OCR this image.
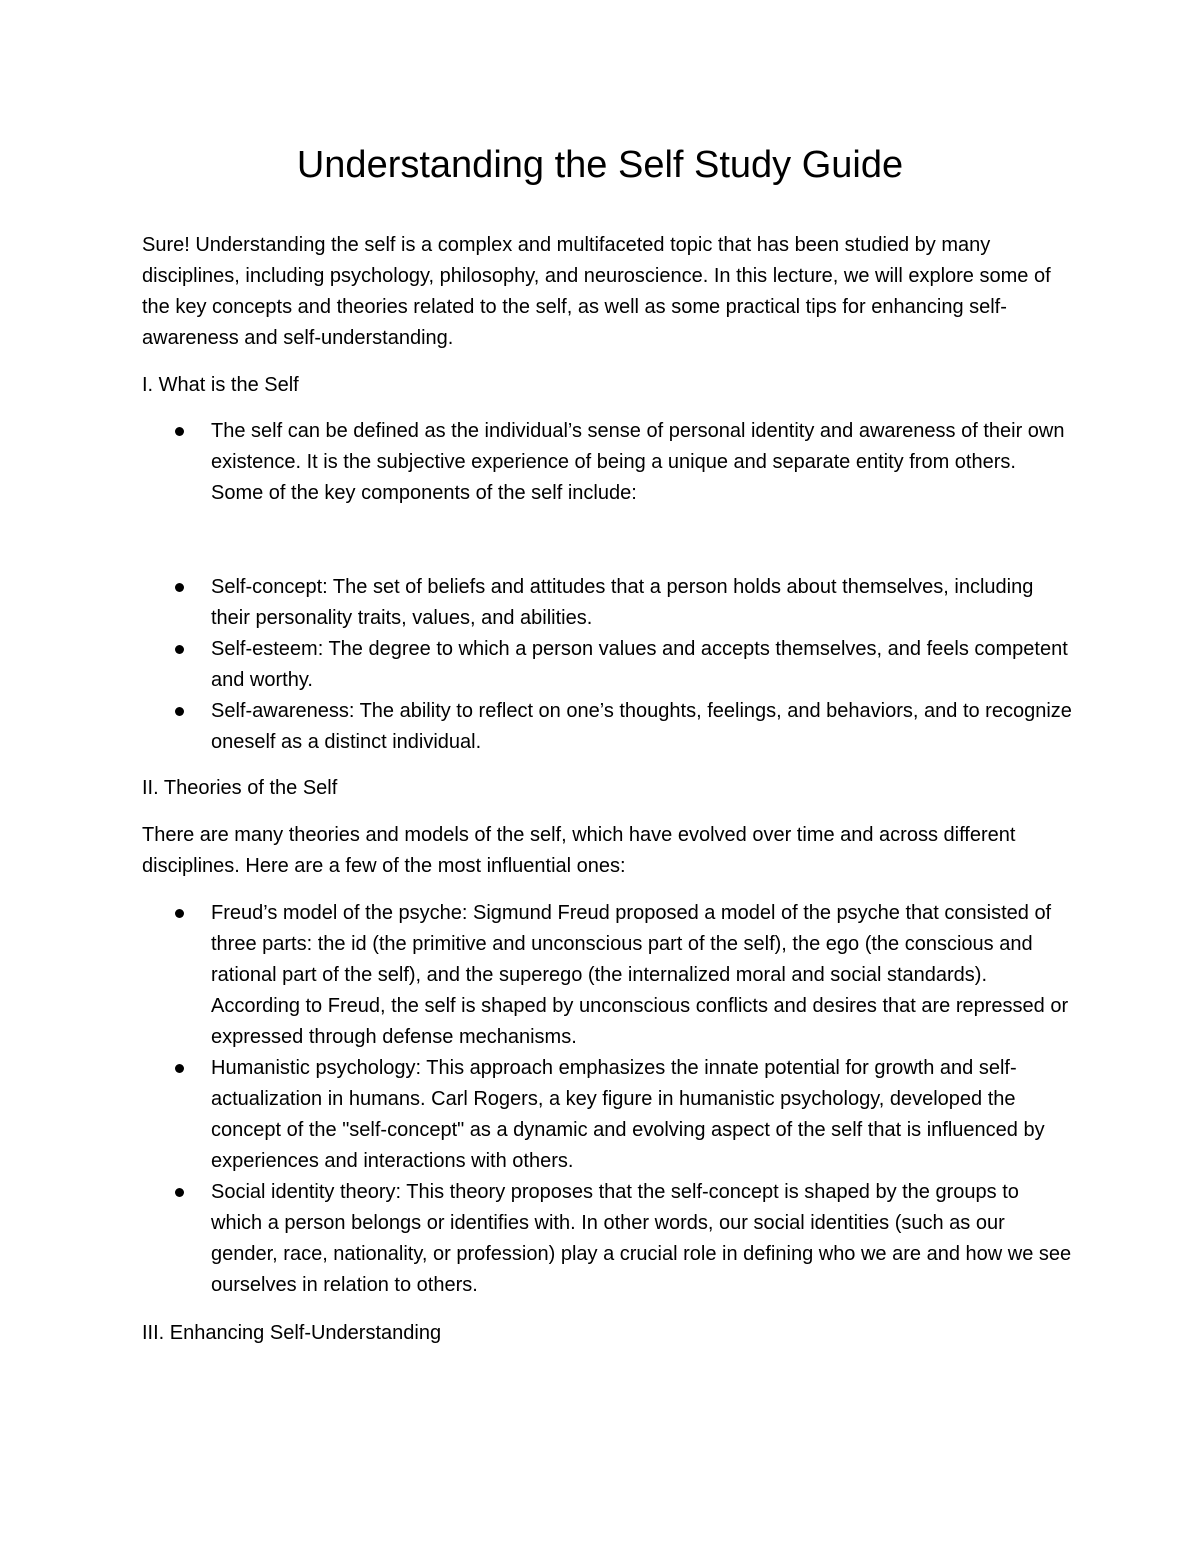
Understanding the Self Study Guide

Sure! Understanding the self is a complex and multifaceted topic that has been studied by many disciplines, including psychology, philosophy, and neuroscience. In this lecture, we will explore some of the key concepts and theories related to the self, as well as some practical tips for enhancing self-awareness and self-understanding.

I. What is the Self
The self can be defined as the individual’s sense of personal identity and awareness of their own existence. It is the subjective experience of being a unique and separate entity from others. Some of the key components of the self include:
Self-concept: The set of beliefs and attitudes that a person holds about themselves, including their personality traits, values, and abilities.
Self-esteem: The degree to which a person values and accepts themselves, and feels competent and worthy.
Self-awareness: The ability to reflect on one’s thoughts, feelings, and behaviors, and to recognize oneself as a distinct individual.
II. Theories of the Self

There are many theories and models of the self, which have evolved over time and across different disciplines. Here are a few of the most influential ones:

Freud’s model of the psyche: Sigmund Freud proposed a model of the psyche that consisted of three parts: the id (the primitive and unconscious part of the self), the ego (the conscious and rational part of the self), and the superego (the internalized moral and social standards). According to Freud, the self is shaped by unconscious conflicts and desires that are repressed or expressed through defense mechanisms.
Humanistic psychology: This approach emphasizes the innate potential for growth and self-actualization in humans. Carl Rogers, a key figure in humanistic psychology, developed the concept of the "self-concept" as a dynamic and evolving aspect of the self that is influenced by experiences and interactions with others.
Social identity theory: This theory proposes that the self-concept is shaped by the groups to which a person belongs or identifies with. In other words, our social identities (such as our gender, race, nationality, or profession) play a crucial role in defining who we are and how we see ourselves in relation to others.
III. Enhancing Self-Understanding
